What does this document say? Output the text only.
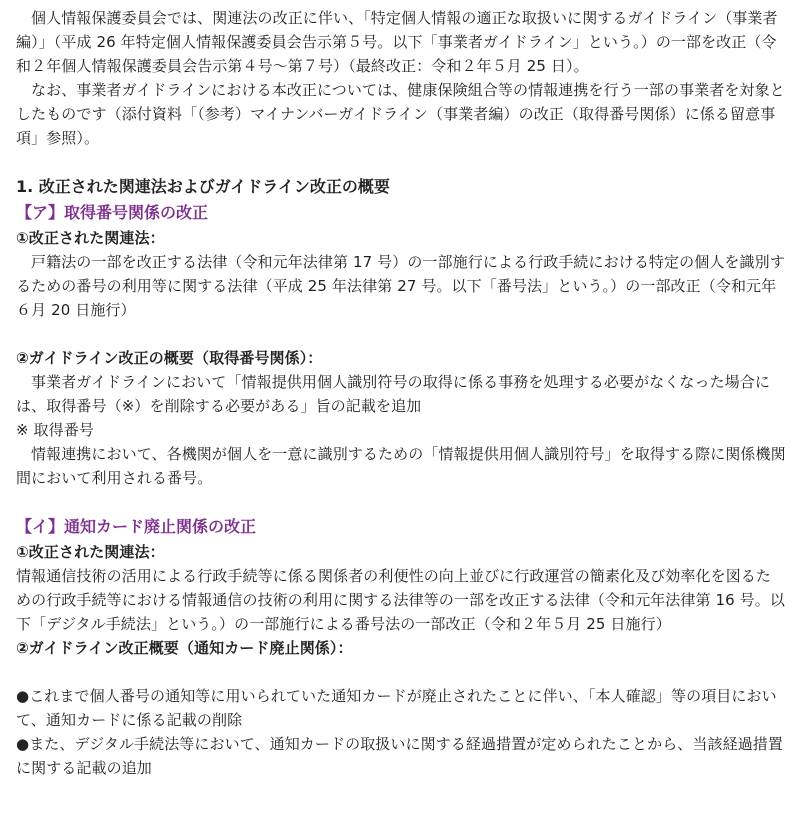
個人情報保護委員会では、関連法の改正に伴い、「特定個人情報の適正な取扱いに関するガイドライン（事業者編）」（平成 26 年特定個人情報保護委員会告示第５号。以下「事業者ガイドライン」という。）の一部を改正（令和２年個人情報保護委員会告示第４号〜第７号）（最終改正：令和２年５月 25 日）。

なお、事業者ガイドラインにおける本改正については、健康保険組合等の情報連携を行う一部の事業者を対象としたものです（添付資料「（参考）マイナンバーガイドライン（事業者編）の改正（取得番号関係）に係る留意事項」参照）。

1. 改正された関連法およびガイドライン改正の概要
【ア】取得番号関係の改正

①改正された関連法：

戸籍法の一部を改正する法律（令和元年法律第 17 号）の一部施行による行政手続における特定の個人を識別するための番号の利用等に関する法律（平成 25 年法律第 27 号。以下「番号法」という。）の一部改正（令和元年６月 20 日施行）

②ガイドライン改正の概要（取得番号関係）：

事業者ガイドラインにおいて「情報提供用個人識別符号の取得に係る事務を処理する必要がなくなった場合には、取得番号（※）を削除する必要がある」旨の記載を追加

※ 取得番号

情報連携において、各機関が個人を一意に識別するための「情報提供用個人識別符号」を取得する際に関係機関間において利用される番号。

【イ】通知カード廃止関係の改正

①改正された関連法：

情報通信技術の活用による行政手続等に係る関係者の利便性の向上並びに行政運営の簡素化及び効率化を図るための行政手続等における情報通信の技術の利用に関する法律等の一部を改正する法律（令和元年法律第 16 号。以下「デジタル手続法」という。）の一部施行による番号法の一部改正（令和２年５月 25 日施行）

②ガイドライン改正概要（通知カード廃止関係）：

●これまで個人番号の通知等に用いられていた通知カードが廃止されたことに伴い、「本人確認」等の項目において、通知カードに係る記載の削除

●また、デジタル手続法等において、通知カードの取扱いに関する経過措置が定められたことから、当該経過措置に関する記載の追加
